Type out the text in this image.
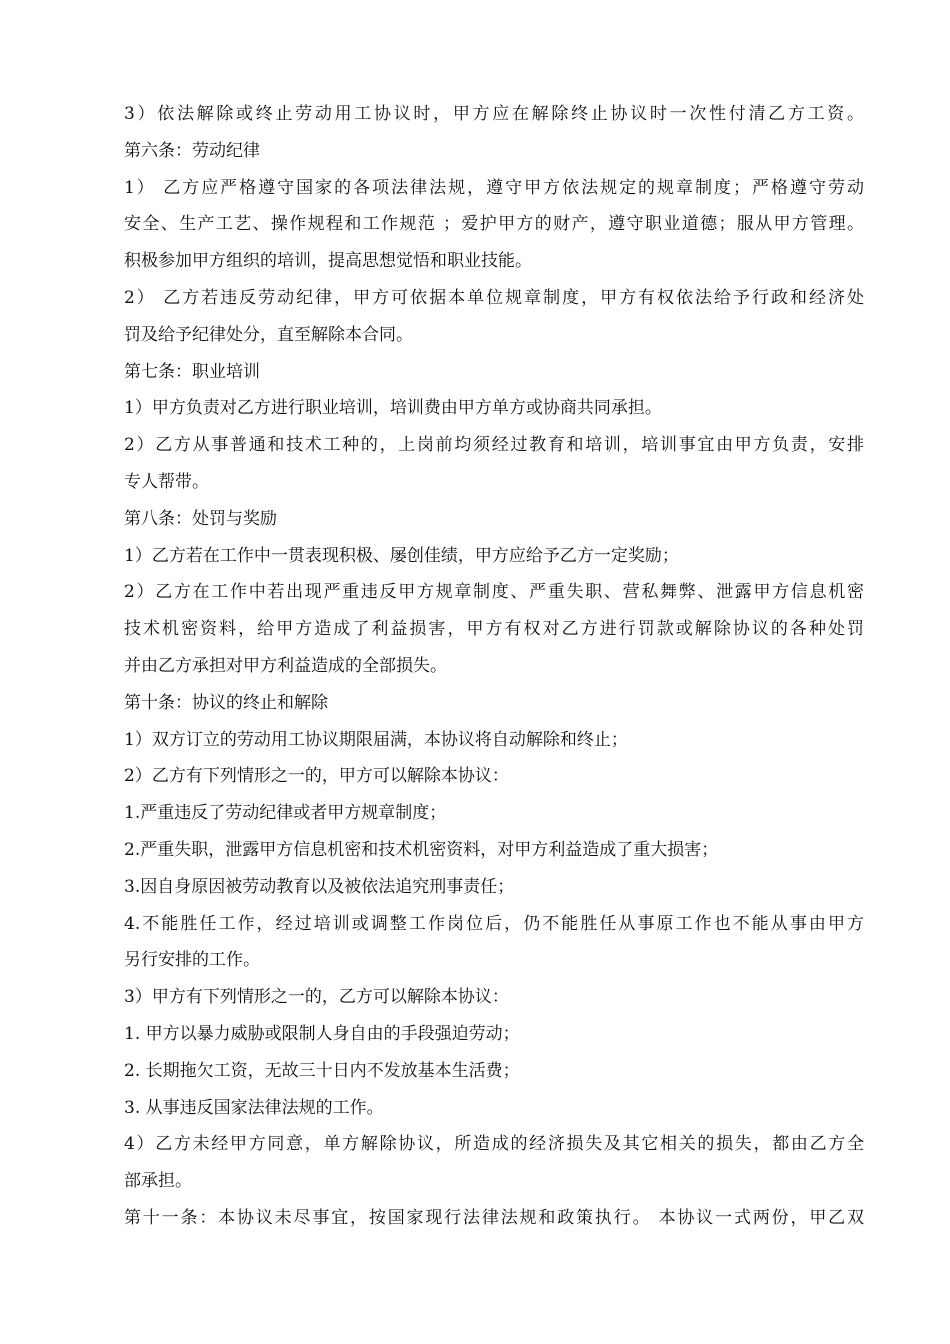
3）依法解除或终止劳动用工协议时，甲方应在解除终止协议时一次性付清乙方工资。
第六条：劳动纪律
1） 乙方应严格遵守国家的各项法律法规，遵守甲方依法规定的规章制度；严格遵守劳动
安全、生产工艺、操作规程和工作规范 ；爱护甲方的财产，遵守职业道德；服从甲方管理。
积极参加甲方组织的培训，提高思想觉悟和职业技能。
2） 乙方若违反劳动纪律，甲方可依据本单位规章制度，甲方有权依法给予行政和经济处
罚及给予纪律处分，直至解除本合同。
第七条：职业培训
1）甲方负责对乙方进行职业培训，培训费由甲方单方或协商共同承担。
2）乙方从事普通和技术工种的，上岗前均须经过教育和培训，培训事宜由甲方负责，安排
专人帮带。
第八条：处罚与奖励
1）乙方若在工作中一贯表现积极、屡创佳绩，甲方应给予乙方一定奖励；
2）乙方在工作中若出现严重违反甲方规章制度、严重失职、营私舞弊、泄露甲方信息机密
技术机密资料，给甲方造成了利益损害，甲方有权对乙方进行罚款或解除协议的各种处罚
并由乙方承担对甲方利益造成的全部损失。
第十条：协议的终止和解除
1）双方订立的劳动用工协议期限届满，本协议将自动解除和终止；
2）乙方有下列情形之一的，甲方可以解除本协议：
1.严重违反了劳动纪律或者甲方规章制度；
2.严重失职，泄露甲方信息机密和技术机密资料，对甲方利益造成了重大损害；
3.因自身原因被劳动教育以及被依法追究刑事责任；
4.不能胜任工作，经过培训或调整工作岗位后，仍不能胜任从事原工作也不能从事由甲方
另行安排的工作。
3）甲方有下列情形之一的，乙方可以解除本协议：
1. 甲方以暴力威胁或限制人身自由的手段强迫劳动；
2. 长期拖欠工资，无故三十日内不发放基本生活费；
3. 从事违反国家法律法规的工作。
4）乙方未经甲方同意，单方解除协议，所造成的经济损失及其它相关的损失，都由乙方全
部承担。
第十一条：本协议未尽事宜，按国家现行法律法规和政策执行。 本协议一式两份，甲乙双
